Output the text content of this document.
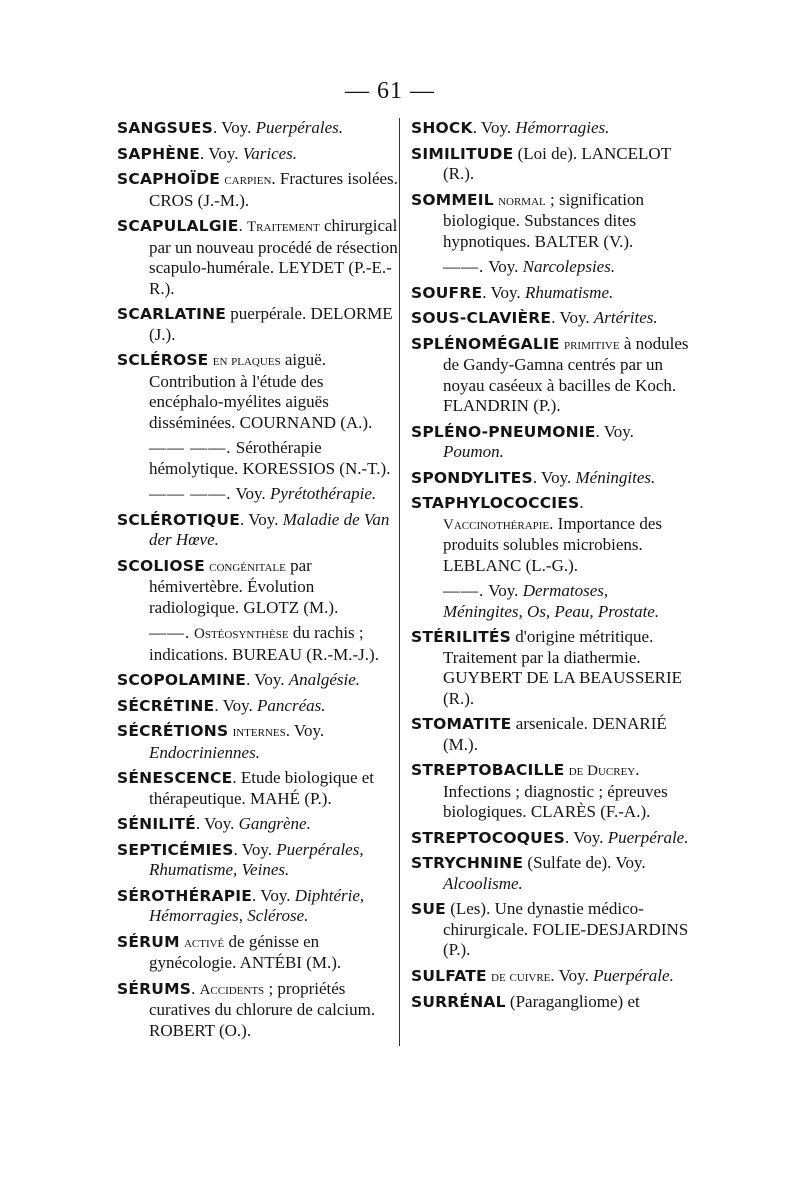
— 61 —

SANGSUES. Voy. Puerpérales.

SAPHÈNE. Voy. Varices.

SCAPHOÏDE carpien. Fractures isolées. CROS (J.-M.).

SCAPULALGIE. Traitement chirurgical par un nouveau procédé de résection scapulo-humérale. LEYDET (P.-E.-R.).

SCARLATINE puerpérale. DELORME (J.).

SCLÉROSE en plaques aiguë. Contribution à l'étude des encéphalo-myélites aiguës disséminées. COURNAND (A.).

—— ——. Sérothérapie hémolytique. KORESSIOS (N.-T.).

—— ——. Voy. Pyrétothérapie.

SCLÉROTIQUE. Voy. Maladie de Van der Hœve.

SCOLIOSE congénitale par hémivertèbre. Évolution radiologique. GLOTZ (M.).

——. Ostéosynthèse du rachis ; indications. BUREAU (R.-M.-J.).

SCOPOLAMINE. Voy. Analgésie.

SÉCRÉTINE. Voy. Pancréas.

SÉCRÉTIONS internes. Voy. Endocriniennes.

SÉNESCENCE. Etude biologique et thérapeutique. MAHÉ (P.).

SÉNILITÉ. Voy. Gangrène.

SEPTICÉMIES. Voy. Puerpérales, Rhumatisme, Veines.

SÉROTHÉRAPIE. Voy. Diphtérie, Hémorragies, Sclérose.

SÉRUM activé de génisse en gynécologie. ANTÉBI (M.).

SÉRUMS. Accidents ; propriétés curatives du chlorure de calcium. ROBERT (O.).

SHOCK. Voy. Hémorragies.

SIMILITUDE (Loi de). LANCELOT (R.).

SOMMEIL normal ; signification biologique. Substances dites hypnotiques. BALTER (V.).

——. Voy. Narcolepsies.

SOUFRE. Voy. Rhumatisme.

SOUS-CLAVIÈRE. Voy. Artérites.

SPLÉNOMÉGALIE primitive à nodules de Gandy-Gamna centrés par un noyau caséeux à bacilles de Koch. FLANDRIN (P.).

SPLÉNO-PNEUMONIE. Voy. Poumon.

SPONDYLITES. Voy. Méningites.

STAPHYLOCOCCIES. Vaccinothérapie. Importance des produits solubles microbiens. LEBLANC (L.-G.).

——. Voy. Dermatoses, Méningites, Os, Peau, Prostate.

STÉRILITÉS d'origine métritique. Traitement par la diathermie. GUYBERT DE LA BEAUSSERIE (R.).

STOMATITE arsenicale. DENARIÉ (M.).

STREPTOBACILLE de Ducrey. Infections ; diagnostic ; épreuves biologiques. CLARÈS (F.-A.).

STREPTOCOQUES. Voy. Puerpérale.

STRYCHNINE (Sulfate de). Voy. Alcoolisme.

SUE (Les). Une dynastie médico-chirurgicale. FOLIE-DESJARDINS (P.).

SULFATE de cuivre. Voy. Puerpérale.

SURRÉNAL (Paragangliome) et
